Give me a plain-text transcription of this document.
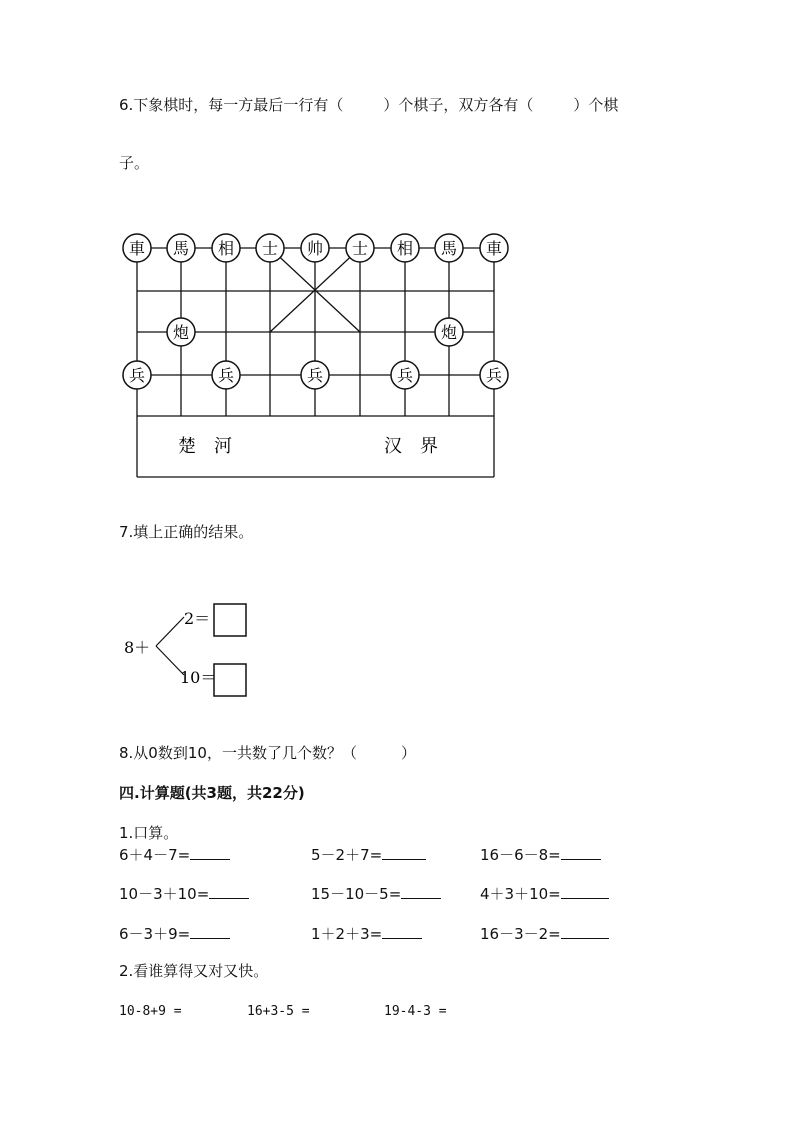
6.下象棋时，每一方最后一行有（	）个棋子，双方各有（	）个棋
子。
車 馬 相 士 帅 士 相 馬 車
炮	炮
兵	兵	兵	兵	兵
楚　河	汉　界
7.填上正确的结果。
8＋
2＝
10＝
8.从0数到10，一共数了几个数？（	）
四.计算题(共3题，共22分)
1.口算。
6＋4－7=	5－2＋7=	16－6－8=
10－3＋10=	15－10－5=	4＋3＋10=
6－3＋9=	1＋2＋3=	16－3－2=
2.看谁算得又对又快。
10-8+9 =	16+3-5 =	19-4-3 =
